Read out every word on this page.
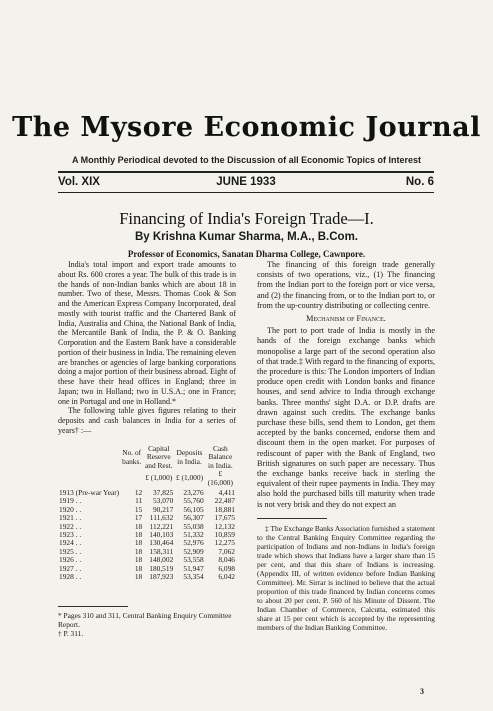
The Mysore Economic Journal
A Monthly Periodical devoted to the Discussion of all Economic Topics of Interest
Vol. XIX	JUNE 1933	No. 6
Financing of India's Foreign Trade—I.
By Krishna Kumar Sharma, M.A., B.Com.
Professor of Economics, Sanatan Dharma College, Cawnpore.

India's total import and export trade amounts to about Rs. 600 crores a year. The bulk of this trade is in the hands of non-Indian banks which are about 18 in number. Two of these, Messrs. Thomas Cook & Son and the American Express Company Incorporated, deal mostly with tourist traffic and the Chartered Bank of India, Australia and China, the National Bank of India, the Mercantile Bank of India, the P. & O. Banking Corporation and the Eastern Bank have a considerable portion of their business in India. The remaining eleven are branches or agencies of large banking corporations doing a major portion of their business abroad. Eight of these have their head offices in England; three in Japan; two in Holland; two in U.S.A.; one in France; one in Portugal and one in Holland.*

The following table gives figures relating to their deposits and cash balances in India for a series of years† :—

	No. of banks.	Capital Reserve and Rest.	Deposits in India.	Cash Balance in India.
		£ (1,000)	£ (1,000)	£ (16,000)
1913 (Pre-war Year)	12	37,825	23,276	4,411
1919 . .	11	53,070	55,760	22,487
1920 . .	15	90,217	56,105	18,881
1921 . .	17	111,632	56,307	17,675
1922 . .	18	112,221	55,038	12,132
1923 . .	18	140,103	51,332	10,859
1924 . .	18	130,464	52,976	12,275
1925 . .	18	158,311	52,909	7,062
1926 . .	18	148,002	53,558	8,046
1927 . .	18	180,519	51,947	6,098
1928 . .	18	187,923	53,354	6,042
* Pages 310 and 311, Central Banking Enquiry Committee Report.
† P. 311.

The financing of this foreign trade generally consists of two operations, viz., (1) The financing from the Indian port to the foreign port or vice versa, and (2) the financing from, or to the Indian port to, or from the up-country distributing or collecting centre.

Mechanism of Finance.

The port to port trade of India is mostly in the hands of the foreign exchange banks which monopolise a large part of the second operation also of that trade.‡ With regard to the financing of exports, the procedure is this: The London importers of Indian produce open credit with London banks and finance houses, and send advice to India through exchange banks. Three months' sight D.A. or D.P. drafts are drawn against such credits. The exchange banks purchase these bills, send them to London, get them accepted by the banks concerned, endorse them and discount them in the open market. For purposes of rediscount of paper with the Bank of England, two British signatures on such paper are necessary. Thus the exchange banks receive back in sterling the equivalent of their rupee payments in India. They may also hold the purchased bills till maturity when trade is not very brisk and they do not expect an

‡ The Exchange Banks Association furnished a statement to the Central Banking Enquiry Committee regarding the participation of Indians and non-Indians in India's foreign trade which shows that Indians have a larger share than 15 per cent, and that this share of Indians is increasing. (Appendix III, of written evidence before Indian Banking Committee). Mr. Sirrar is inclined to believe that the actual proportion of this trade financed by Indian concerns comes to about 20 per cent. P. 560 of his Minute of Dissent. The Indian Chamber of Commerce, Calcutta, estimated this share at 15 per cent which is accepted by the representing members of the Indian Banking Committee.

3
